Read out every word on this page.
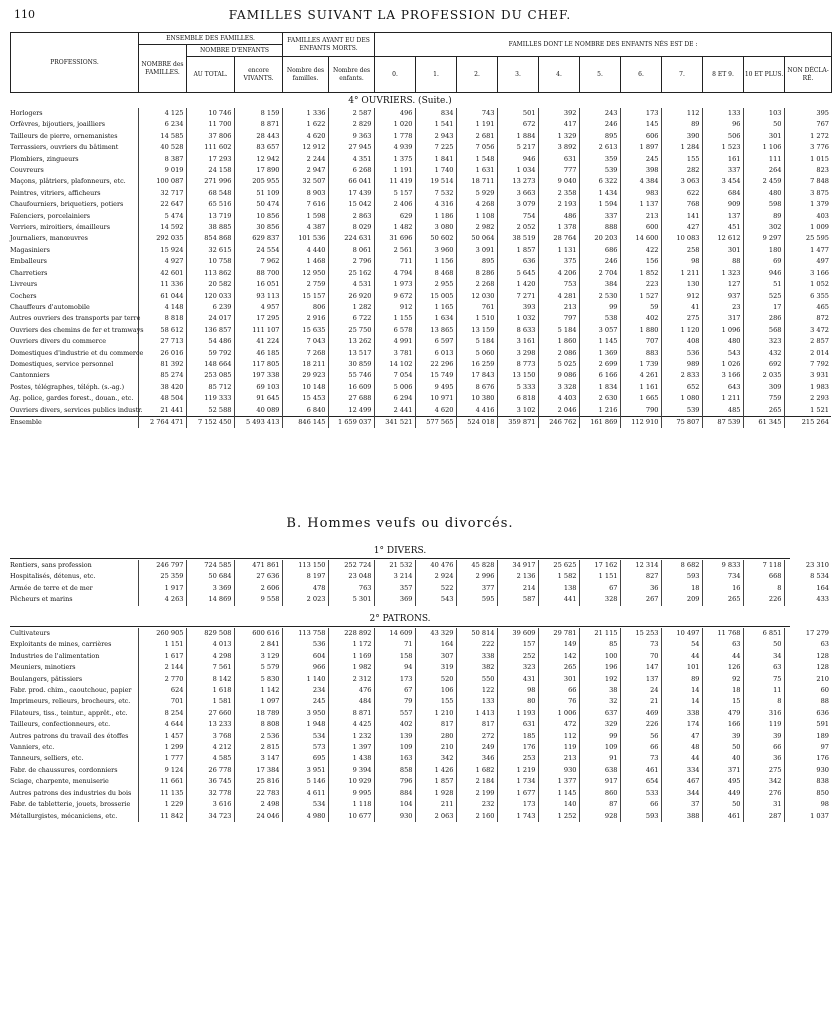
110	FAMILLES SUIVANT LA PROFESSION DU CHEF.
PROFESSIONS.	ENSEMBLE DES FAMILLES.			FAMILLES AYANT EU DES ENFANTS MORTS.		FAMILLES DONT LE NOMBRE DES ENFANTS NÉS EST DE :										
	NOMBRE des FAMILLES.	NOMBRE D'ENFANTS														
		AU TOTAL.	encore VIVANTS.	Nombre des familles.	Nombre des enfants.	0.	1.	2.	3.	4.	5.	6.	7.	8 ET 9.	10 ET PLUS.	NON DÉCLA-RÉ.
4° OUVRIERS. (Suite.)
Horlogers	4 125	10 746	8 159	1 336	2 587	496	834	743	501	392	243	173	112	133	103	395
Orfèvres, bijoutiers, joailliers	6 234	11 700	8 871	1 622	2 829	1 020	1 541	1 191	672	417	246	145	89	96	50	767
Tailleurs de pierre, ornemanistes	14 585	37 806	28 443	4 620	9 363	1 778	2 943	2 681	1 884	1 329	895	606	390	506	301	1 272
Terrassiers, ouvriers du bâtiment	40 528	111 602	83 657	12 912	27 945	4 939	7 225	7 056	5 217	3 892	2 613	1 897	1 284	1 523	1 106	3 776
Plombiers, zingueurs	8 387	17 293	12 942	2 244	4 351	1 375	1 841	1 548	946	631	359	245	155	161	111	1 015
Couvreurs	9 019	24 158	17 890	2 947	6 268	1 191	1 740	1 631	1 034	777	539	398	282	337	264	823
Maçons, plâtriers, plafonneurs, etc.	100 087	271 996	205 955	32 507	66 041	11 419	19 514	18 711	13 273	9 040	6 322	4 384	3 063	3 454	2 459	7 848
Peintres, vitriers, afficheurs	32 717	68 548	51 109	8 903	17 439	5 157	7 532	5 929	3 663	2 358	1 434	983	622	684	480	3 875
Chaufourniers, briquetiers, potiers	22 647	65 516	50 474	7 616	15 042	2 406	4 316	4 268	3 079	2 193	1 594	1 137	768	909	598	1 379
Faïenciers, porcelainiers	5 474	13 719	10 856	1 598	2 863	629	1 186	1 108	754	486	337	213	141	137	89	403
Verriers, miroitiers, émailleurs	14 592	38 885	30 856	4 387	8 029	1 482	3 080	2 982	2 052	1 378	888	600	427	451	302	1 009
Journaliers, manœuvres	292 035	854 868	629 837	101 536	224 631	31 696	50 602	50 064	38 519	28 764	20 203	14 600	10 083	12 612	9 297	25 595
Magasiniers	15 924	32 615	24 554	4 440	8 061	2 561	3 960	3 091	1 857	1 131	686	422	258	301	180	1 477
Emballeurs	4 927	10 758	7 962	1 468	2 796	711	1 156	895	636	375	246	156	98	88	69	497
Charretiers	42 601	113 862	88 700	12 950	25 162	4 794	8 468	8 286	5 645	4 206	2 704	1 852	1 211	1 323	946	3 166
Livreurs	11 336	20 582	16 051	2 759	4 531	1 973	2 955	2 268	1 420	753	384	223	130	127	51	1 052
Cochers	61 044	120 033	93 113	15 157	26 920	9 672	15 005	12 030	7 271	4 281	2 530	1 527	912	937	525	6 355
Chauffeurs d'automobile	4 148	6 239	4 957	806	1 282	912	1 165	761	393	213	99	59	41	23	17	465
Autres ouvriers des transports par terre	8 818	24 017	17 295	2 916	6 722	1 155	1 634	1 510	1 032	797	538	402	275	317	286	872
Ouvriers des chemins de fer et tramways	58 612	136 857	111 107	15 635	25 750	6 578	13 865	13 159	8 633	5 184	3 057	1 880	1 120	1 096	568	3 472
Ouvriers divers du commerce	27 713	54 486	41 224	7 043	13 262	4 991	6 597	5 184	3 161	1 860	1 145	707	408	480	323	2 857
Domestiques d'industrie et du commerce	26 016	59 792	46 185	7 268	13 517	3 781	6 013	5 060	3 298	2 086	1 369	883	536	543	432	2 014
Domestiques, service personnel	81 392	148 664	117 805	18 211	30 859	14 102	22 296	16 259	8 773	5 025	2 699	1 739	989	1 026	692	7 792
Cantonniers	85 274	253 085	197 338	29 923	55 746	7 054	15 749	17 843	13 150	9 086	6 166	4 261	2 833	3 166	2 035	3 931
Postes, télégraphes, téléph. (s.-ag.)	38 420	85 712	69 103	10 148	16 609	5 006	9 495	8 676	5 333	3 328	1 834	1 161	652	643	309	1 983
Ag. police, gardes forest., douan., etc.	48 504	119 333	91 645	15 453	27 688	6 294	10 971	10 380	6 818	4 403	2 630	1 665	1 080	1 211	759	2 293
Ouvriers divers, services publics industr.	21 441	52 588	40 089	6 840	12 499	2 441	4 620	4 416	3 102	2 046	1 216	790	539	485	265	1 521
Ensemble	2 764 471	7 152 450	5 493 413	846 145	1 659 037	341 521	577 565	524 018	359 871	246 762	161 869	112 910	75 807	87 539	61 345	215 264
B. Hommes veufs ou divorcés.
1° DIVERS.
Rentiers, sans profession	246 797	724 585	471 861	113 150	252 724	21 532	40 476	45 828	34 917	25 625	17 162	12 314	8 682	9 833	7 118	23 310
Hospitalisés, détenus, etc.	25 359	50 684	27 636	8 197	23 048	3 214	2 924	2 996	2 136	1 582	1 151	827	593	734	668	8 534
Armée de terre et de mer	1 917	3 369	2 606	478	763	357	522	377	214	138	67	36	18	16	8	164
Pêcheurs et marins	4 263	14 869	9 558	2 023	5 301	369	543	595	587	441	328	267	209	265	226	433
2° PATRONS.
Cultivateurs	260 905	829 508	600 616	113 758	228 892	14 609	43 329	50 814	39 609	29 781	21 115	15 253	10 497	11 768	6 851	17 279
Exploitants de mines, carrières	1 151	4 013	2 841	536	1 172	71	164	222	157	149	85	73	54	63	50	63
Industries de l'alimentation	1 617	4 298	3 129	604	1 169	158	307	338	252	142	100	70	44	44	34	128
Meuniers, minotiers	2 144	7 561	5 579	966	1 982	94	319	382	323	265	196	147	101	126	63	128
Boulangers, pâtissiers	2 770	8 142	5 830	1 140	2 312	173	520	550	431	301	192	137	89	92	75	210
Fabr. prod. chim., caoutchouc, papier	624	1 618	1 142	234	476	67	106	122	98	66	38	24	14	18	11	60
Imprimeurs, relieurs, brocheurs, etc.	701	1 581	1 097	245	484	79	155	133	80	76	32	21	14	15	8	88
Filateurs, tiss., teintur., apprêt., etc.	8 254	27 660	18 789	3 950	8 871	557	1 210	1 413	1 193	1 006	637	469	338	479	316	636
Tailleurs, confectionneurs, etc.	4 644	13 233	8 808	1 948	4 425	402	817	817	631	472	329	226	174	166	119	591
Autres patrons du travail des étoffes	1 457	3 768	2 536	534	1 232	139	280	272	185	112	99	56	47	39	39	189
Vanniers, etc.	1 299	4 212	2 815	573	1 397	109	210	249	176	119	109	66	48	50	66	97
Tanneurs, selliers, etc.	1 777	4 585	3 147	695	1 438	163	342	346	253	213	91	73	44	40	36	176
Fabr. de chaussures, cordonniers	9 124	26 778	17 384	3 951	9 394	858	1 426	1 682	1 219	930	638	461	334	371	275	930
Sciage, charpente, menuiserie	11 661	36 745	25 816	5 146	10 929	796	1 857	2 184	1 734	1 377	917	654	467	495	342	838
Autres patrons des industries du bois	11 135	32 778	22 783	4 611	9 995	884	1 928	2 199	1 677	1 145	860	533	344	449	276	850
Fabr. de tabletterie, jouets, brosserie	1 229	3 616	2 498	534	1 118	104	211	232	173	140	87	66	37	50	31	98
Métallurgistes, mécaniciens, etc.	11 842	34 723	24 046	4 980	10 677	930	2 063	2 160	1 743	1 252	928	593	388	461	287	1 037
